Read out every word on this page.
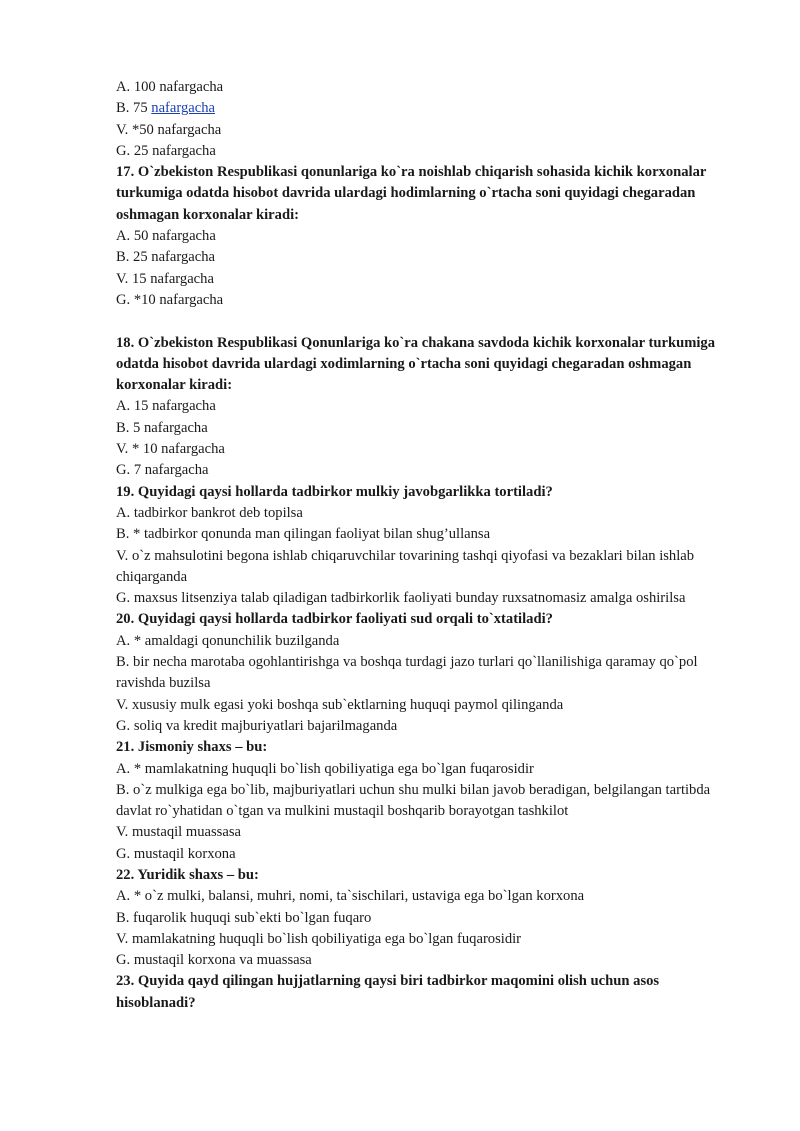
A. 100 nafargacha
B. 75 nafargacha
V. *50 nafargacha
G. 25 nafargacha
17. O`zbekiston Respublikasi qonunlariga ko`ra noishlab chiqarish sohasida kichik korxonalar turkumiga odatda hisobot davrida ulardagi hodimlarning o`rtacha soni quyidagi chegaradan oshmagan korxonalar kiradi:
A. 50 nafargacha
B. 25 nafargacha
V. 15 nafargacha
G. *10 nafargacha
18. O`zbekiston Respublikasi Qonunlariga ko`ra chakana savdoda kichik korxonalar turkumiga odatda hisobot davrida ulardagi xodimlarning o`rtacha soni quyidagi chegaradan oshmagan korxonalar kiradi:
A. 15 nafargacha
B. 5 nafargacha
V. * 10 nafargacha
G. 7 nafargacha
19. Quyidagi qaysi hollarda tadbirkor mulkiy javobgarlikka tortiladi?
A. tadbirkor bankrot deb topilsa
B. * tadbirkor qonunda man qilingan faoliyat bilan shug’ullansa
V. o`z mahsulotini begona ishlab chiqaruvchilar tovarining tashqi qiyofasi va bezaklari bilan ishlab chiqarganda
G. maxsus litsenziya talab qiladigan tadbirkorlik faoliyati bunday ruxsatnomasiz amalga oshirilsa
20. Quyidagi qaysi hollarda tadbirkor faoliyati sud orqali to`xtatiladi?
A. * amaldagi qonunchilik buzilganda
B. bir necha marotaba ogohlantirishga va boshqa turdagi jazo turlari qo`llanilishiga qaramay qo`pol ravishda buzilsa
V. xususiy mulk egasi yoki boshqa sub`ektlarning huquqi paymol qilinganda
G. soliq va kredit majburiyatlari bajarilmaganda
21. Jismoniy shaxs – bu:
A. * mamlakatning huquqli bo`lish qobiliyatiga ega bo`lgan fuqarosidir
B. o`z mulkiga ega bo`lib, majburiyatlari uchun shu mulki bilan javob beradigan, belgilangan tartibda davlat ro`yhatidan o`tgan va mulkini mustaqil boshqarib borayotgan tashkilot
V. mustaqil muassasa
G. mustaqil korxona
22. Yuridik shaxs – bu:
A. * o`z mulki, balansi, muhri, nomi, ta`sischilari, ustaviga ega bo`lgan korxona
B. fuqarolik huquqi sub`ekti bo`lgan fuqaro
V. mamlakatning huquqli bo`lish qobiliyatiga ega bo`lgan fuqarosidir
G. mustaqil korxona va muassasa
23. Quyida qayd qilingan hujjatlarning qaysi biri tadbirkor maqomini olish uchun asos hisoblanadi?
